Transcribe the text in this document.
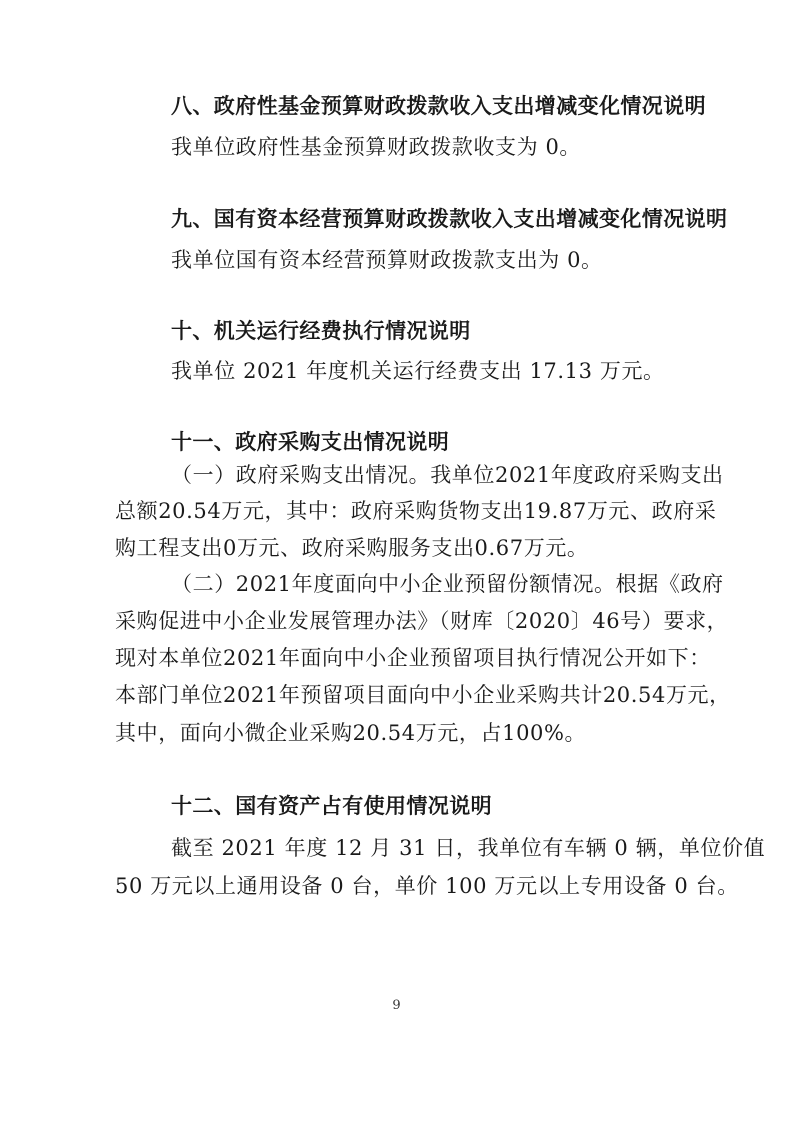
八、政府性基金预算财政拨款收入支出增减变化情况说明
我单位政府性基金预算财政拨款收支为 0。
九、国有资本经营预算财政拨款收入支出增减变化情况说明
我单位国有资本经营预算财政拨款支出为 0。
十、机关运行经费执行情况说明
我单位 2021 年度机关运行经费支出 17.13 万元。
十一、政府采购支出情况说明
（一）政府采购支出情况。我单位2021年度政府采购支出
总额20.54万元，其中：政府采购货物支出19.87万元、政府采
购工程支出0万元、政府采购服务支出0.67万元。
（二）2021年度面向中小企业预留份额情况。根据《政府
采购促进中小企业发展管理办法》（财库〔2020〕46号）要求，
现对本单位2021年面向中小企业预留项目执行情况公开如下：
本部门单位2021年预留项目面向中小企业采购共计20.54万元，
其中，面向小微企业采购20.54万元，占100%。
十二、国有资产占有使用情况说明
截至 2021 年度 12 月 31 日，我单位有车辆 0 辆，单位价值
50 万元以上通用设备 0 台，单价 100 万元以上专用设备 0 台。
9
